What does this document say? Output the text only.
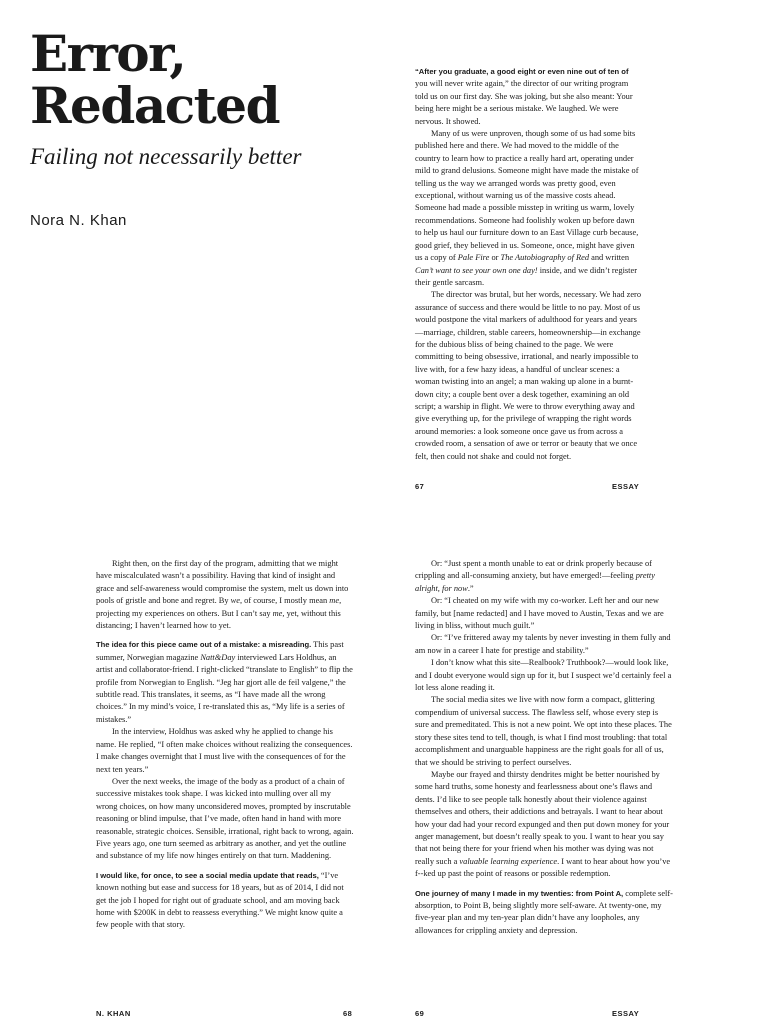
Error, Redacted

Failing not necessarily better

Nora N. Khan

“After you graduate, a good eight or even nine out of ten of you will never write again,” the director of our writing program told us on our first day. She was joking, but she also meant: Your being here might be a serious mistake. We laughed. We were nervous. It showed.

Many of us were unproven, though some of us had some bits published here and there. We had moved to the middle of the country to learn how to practice a really hard art, operating under mild to grand delusions. Someone might have made the mistake of telling us the way we arranged words was pretty good, even exceptional, without warning us of the massive costs ahead. Someone had made a possible misstep in writing us warm, lovely recommendations. Someone had foolishly woken up before dawn to help us haul our furniture down to an East Village curb because, good grief, they believed in us. Someone, once, might have given us a copy of Pale Fire or The Autobiography of Red and written Can’t want to see your own one day! inside, and we didn’t register their gentle sarcasm.

The director was brutal, but her words, necessary. We had zero assurance of success and there would be little to no pay. Most of us would postpone the vital markers of adulthood for years and years—marriage, children, stable careers, homeownership—in exchange for the dubious bliss of being chained to the page. We were committing to being obsessive, irrational, and nearly impossible to live with, for a few hazy ideas, a handful of unclear scenes: a woman twisting into an angel; a man waking up alone in a burnt-down city; a couple bent over a desk together, examining an old script; a warship in flight. We were to throw everything away and give everything up, for the privilege of wrapping the right words around memories: a look someone once gave us from across a crowded room, a sensation of awe or terror or beauty that we once felt, then could not shake and could not forget.

67	ESSAY

Right then, on the first day of the program, admitting that we might have miscalculated wasn’t a possibility. Having that kind of insight and grace and self-awareness would compromise the system, melt us down into pools of gristle and bone and regret. By we, of course, I mostly mean me, projecting my experiences on others. But I can’t say me, yet, without this distancing; I haven’t learned how to yet.

The idea for this piece came out of a mistake: a misreading. This past summer, Norwegian magazine Natt&Day interviewed Lars Holdhus, an artist and collaborator-friend. I right-clicked “translate to English” to flip the profile from Norwegian to English. “Jeg har gjort alle de feil valgene,” the subtitle read. This translates, it seems, as “I have made all the wrong choices.” In my mind’s voice, I re-translated this as, “My life is a series of mistakes.”

In the interview, Holdhus was asked why he applied to change his name. He replied, “I often make choices without realizing the consequences. I make changes overnight that I must live with the consequences of for the next ten years.”

Over the next weeks, the image of the body as a product of a chain of successive mistakes took shape. I was kicked into mulling over all my wrong choices, on how many unconsidered moves, prompted by inscrutable reasoning or blind impulse, that I’ve made, often hand in hand with more reasonable, strategic choices. Sensible, irrational, right back to wrong, again. Five years ago, one turn seemed as arbitrary as another, and yet the outline and substance of my life now hinges entirely on that turn. Maddening.

I would like, for once, to see a social media update that reads, “I’ve known nothing but ease and success for 18 years, but as of 2014, I did not get the job I hoped for right out of graduate school, and am moving back home with $200K in debt to reassess everything.” We might know quite a few people with that story.

N. KHAN	68

Or: “Just spent a month unable to eat or drink properly because of crippling and all-consuming anxiety, but have emerged!—feeling pretty alright, for now.”

Or: “I cheated on my wife with my co-worker. Left her and our new family, but [name redacted] and I have moved to Austin, Texas and we are living in bliss, without much guilt.”

Or: “I’ve frittered away my talents by never investing in them fully and am now in a career I hate for prestige and stability.”

I don’t know what this site—Realbook? Truthbook?—would look like, and I doubt everyone would sign up for it, but I suspect we’d certainly feel a lot less alone reading it.

The social media sites we live with now form a compact, glittering compendium of universal success. The flawless self, whose every step is sure and premeditated. This is not a new point. We opt into these places. The story these sites tend to tell, though, is what I find most troubling: that total accomplishment and unarguable happiness are the right goals for all of us, that we should be striving to perfect ourselves.

Maybe our frayed and thirsty dendrites might be better nourished by some hard truths, some honesty and fearlessness about one’s flaws and dents. I’d like to see people talk honestly about their violence against themselves and others, their addictions and betrayals. I want to hear about how your dad had your record expunged and then put down money for your anger management, but doesn’t really speak to you. I want to hear you say that not being there for your friend when his mother was dying was not really such a valuable learning experience. I want to hear about how you’ve f--ked up past the point of reasons or possible redemption.

One journey of many I made in my twenties: from Point A, complete self-absorption, to Point B, being slightly more self-aware. At twenty-one, my five-year plan and my ten-year plan didn’t have any loopholes, any allowances for crippling anxiety and depression.

69	ESSAY
